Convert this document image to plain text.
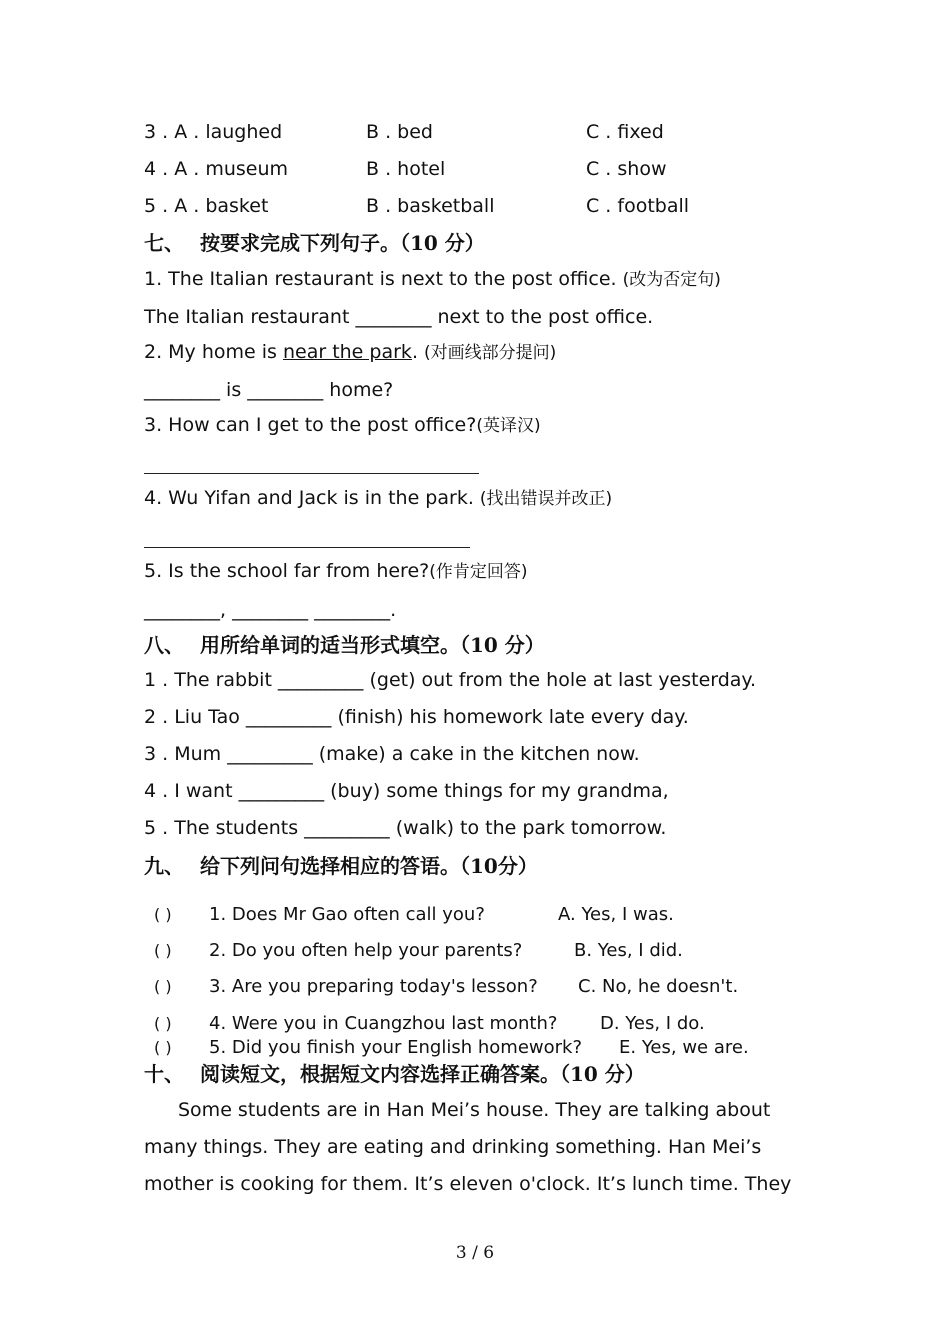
3 . A . laughed	B . bed	C . fixed
4 . A . museum	B . hotel	C . show
5 . A . basket	B . basketball	C . football
七、 按要求完成下列句子。（10 分）
1. The Italian restaurant is next to the post office. (改为否定句)
The Italian restaurant ________ next to the post office.
2. My home is near the park. (对画线部分提问)
________ is ________ home?
3. How can I get to the post office?(英译汉)
4. Wu Yifan and Jack is in the park. (找出错误并改正)
5. Is the school far from here?(作肯定回答)
________, ________ ________.
八、 用所给单词的适当形式填空。（10 分）
1 . The rabbit _________ (get) out from the hole at last yesterday.
2 . Liu Tao _________ (finish) his homework late every day.
3 . Mum _________ (make) a cake in the kitchen now.
4 . I want _________ (buy) some things for my grandma,
5 . The students _________ (walk) to the park tomorrow.
九、 给下列问句选择相应的答语。（10分）
( ) 1. Does Mr Gao often call you?	A. Yes, I was.
( ) 2. Do you often help your parents?	B. Yes, I did.
( ) 3. Are you preparing today's lesson? C. No, he doesn't.
( ) 4. Were you in Cuangzhou last month? D. Yes, I do.
( ) 5. Did you finish your English homework? E. Yes, we are.
十、 阅读短文，根据短文内容选择正确答案。（10 分）
Some students are in Han Mei’s house. They are talking about
many things. They are eating and drinking something. Han Mei’s
mother is cooking for them. It’s eleven o'clock. It’s lunch time. They
3 / 6
